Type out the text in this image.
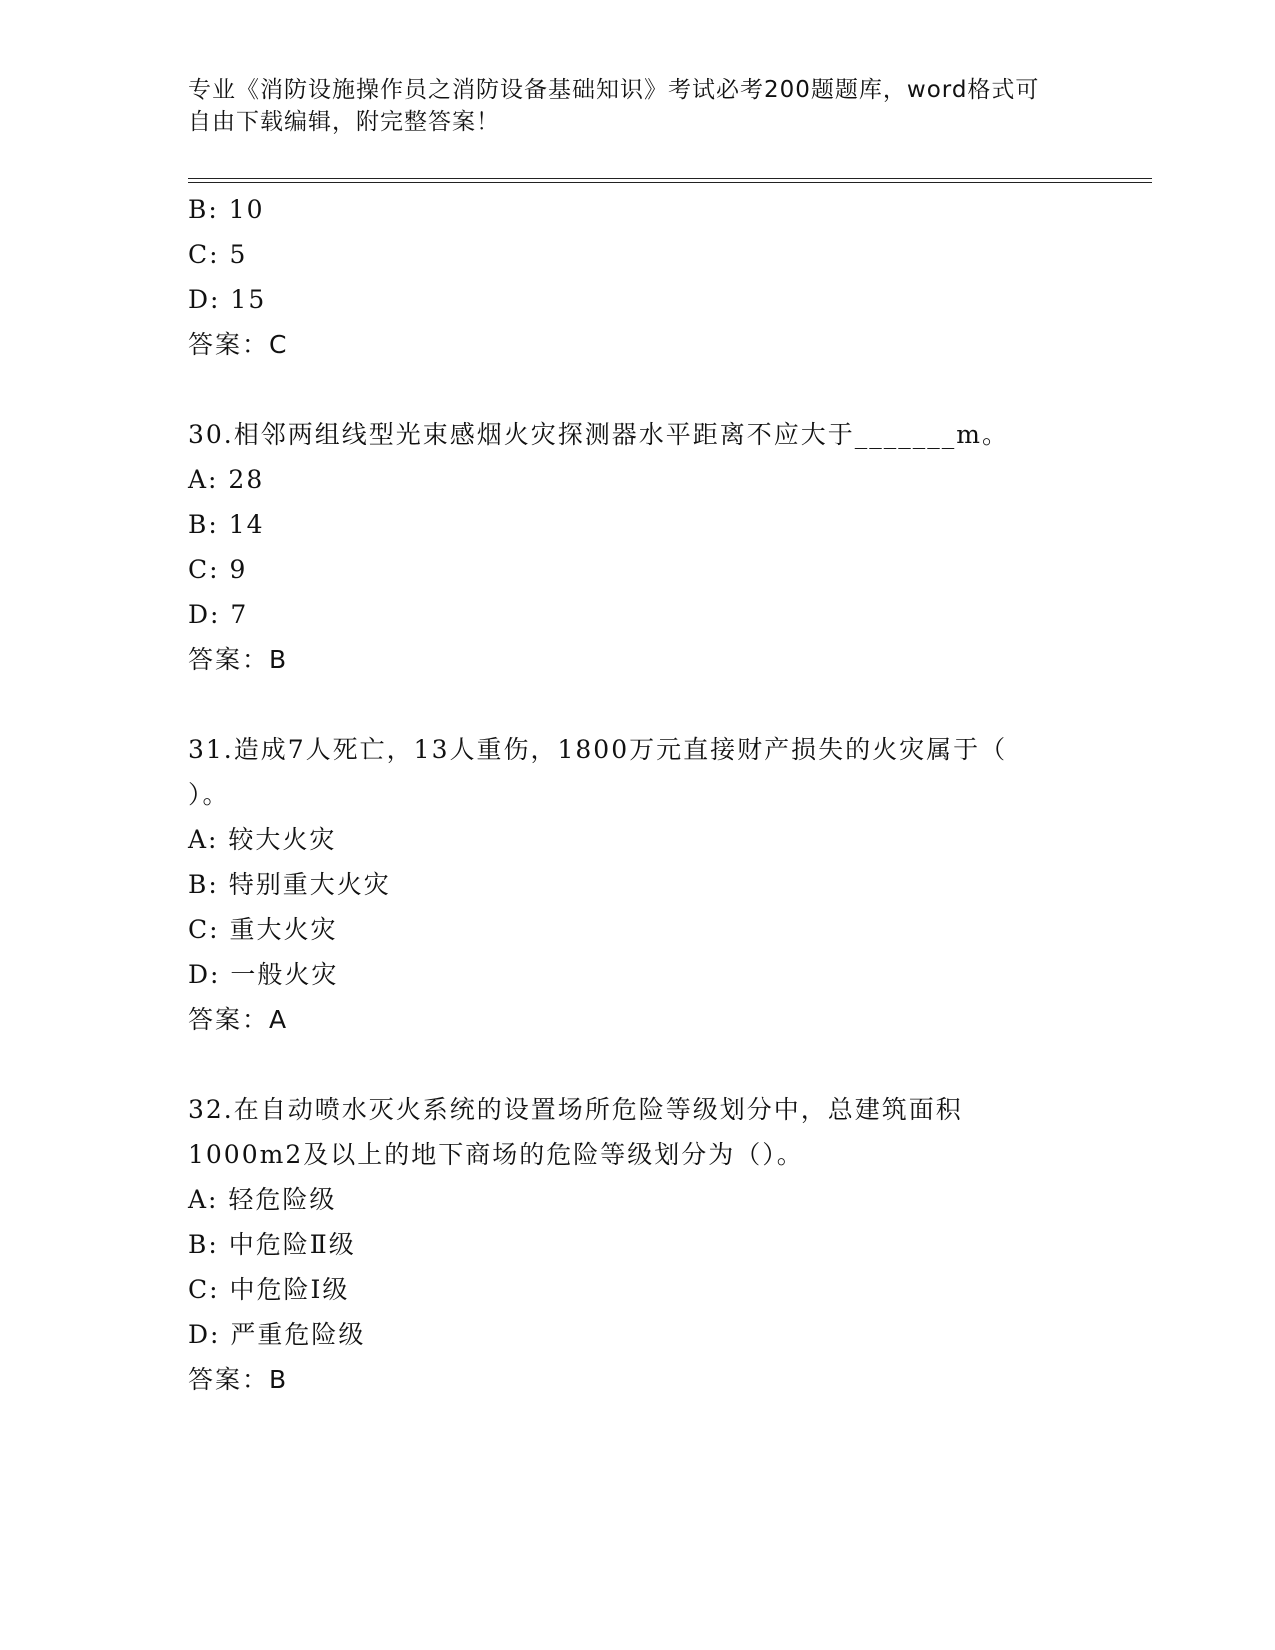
专业《消防设施操作员之消防设备基础知识》考试必考200题题库，word格式可
自由下载编辑，附完整答案！
B: 10
C: 5
D: 15
答案：C
30.相邻两组线型光束感烟火灾探测器水平距离不应大于_______m。
A: 28
B: 14
C: 9
D: 7
答案：B
31.造成7人死亡，13人重伤，1800万元直接财产损失的火灾属于（
）。
A: 较大火灾
B: 特别重大火灾
C: 重大火灾
D: 一般火灾
答案：A
32.在自动喷水灭火系统的设置场所危险等级划分中，总建筑面积
1000m2及以上的地下商场的危险等级划分为（）。
A: 轻危险级
B: 中危险Ⅱ级
C: 中危险Ⅰ级
D: 严重危险级
答案：B
